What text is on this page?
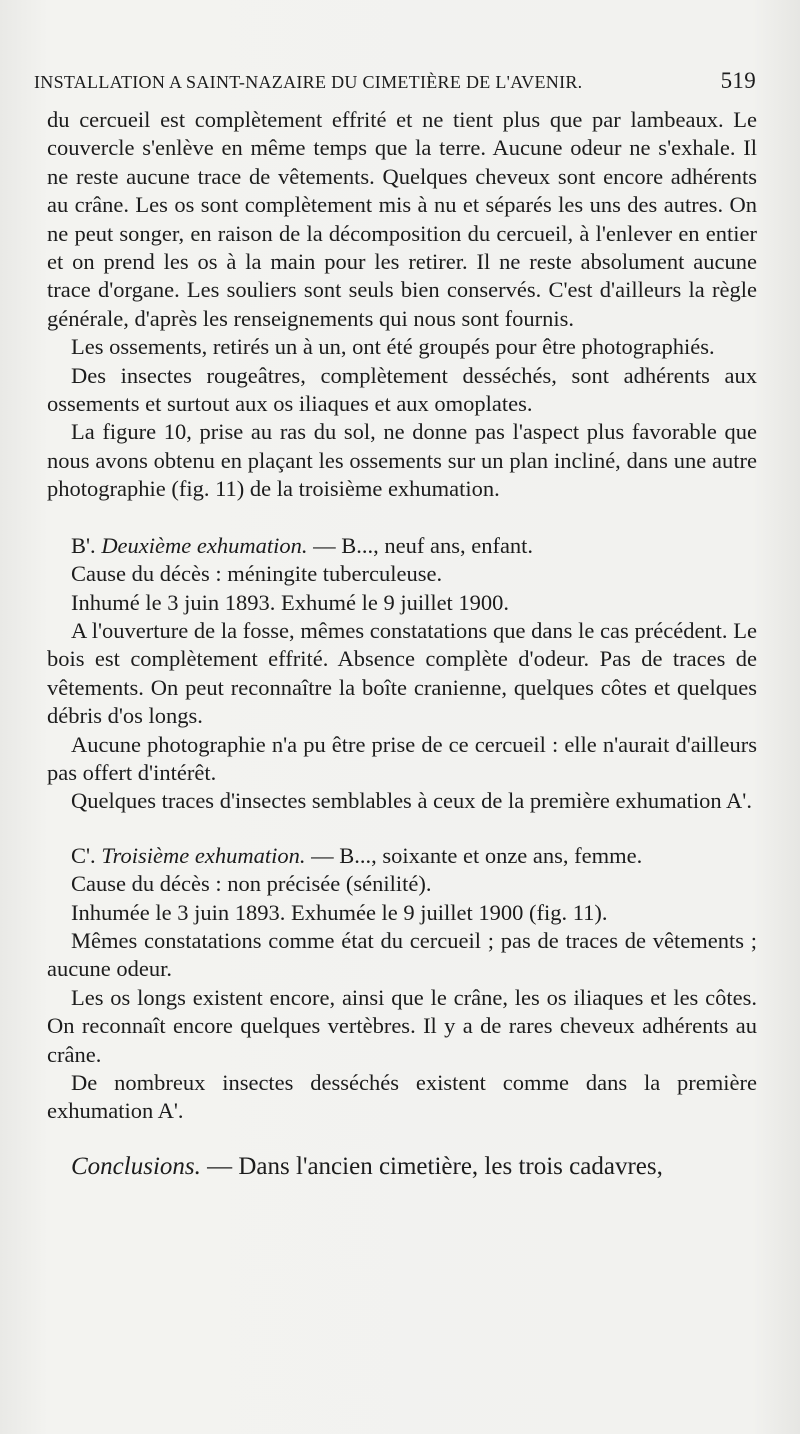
INSTALLATION A SAINT-NAZAIRE DU CIMETIÈRE DE L'AVENIR.	519

du cercueil est complètement effrité et ne tient plus que par lambeaux. Le couvercle s'enlève en même temps que la terre. Aucune odeur ne s'exhale. Il ne reste aucune trace de vêtements. Quelques cheveux sont encore adhérents au crâne. Les os sont complètement mis à nu et séparés les uns des autres. On ne peut songer, en raison de la décomposition du cercueil, à l'enlever en entier et on prend les os à la main pour les retirer. Il ne reste absolument aucune trace d'organe. Les souliers sont seuls bien conservés. C'est d'ailleurs la règle générale, d'après les renseignements qui nous sont fournis.

Les ossements, retirés un à un, ont été groupés pour être photographiés.

Des insectes rougeâtres, complètement desséchés, sont adhérents aux ossements et surtout aux os iliaques et aux omoplates.

La figure 10, prise au ras du sol, ne donne pas l'aspect plus favorable que nous avons obtenu en plaçant les ossements sur un plan incliné, dans une autre photographie (fig. 11) de la troisième exhumation.

B'. Deuxième exhumation. — B..., neuf ans, enfant.

Cause du décès : méningite tuberculeuse.

Inhumé le 3 juin 1893. Exhumé le 9 juillet 1900.

A l'ouverture de la fosse, mêmes constatations que dans le cas précédent. Le bois est complètement effrité. Absence complète d'odeur. Pas de traces de vêtements. On peut reconnaître la boîte cranienne, quelques côtes et quelques débris d'os longs.

Aucune photographie n'a pu être prise de ce cercueil : elle n'aurait d'ailleurs pas offert d'intérêt.

Quelques traces d'insectes semblables à ceux de la première exhumation A'.

C'. Troisième exhumation. — B..., soixante et onze ans, femme.

Cause du décès : non précisée (sénilité).

Inhumée le 3 juin 1893. Exhumée le 9 juillet 1900 (fig. 11).

Mêmes constatations comme état du cercueil ; pas de traces de vêtements ; aucune odeur.

Les os longs existent encore, ainsi que le crâne, les os iliaques et les côtes. On reconnaît encore quelques vertèbres. Il y a de rares cheveux adhérents au crâne.

De nombreux insectes desséchés existent comme dans la première exhumation A'.

Conclusions. — Dans l'ancien cimetière, les trois cadavres,
